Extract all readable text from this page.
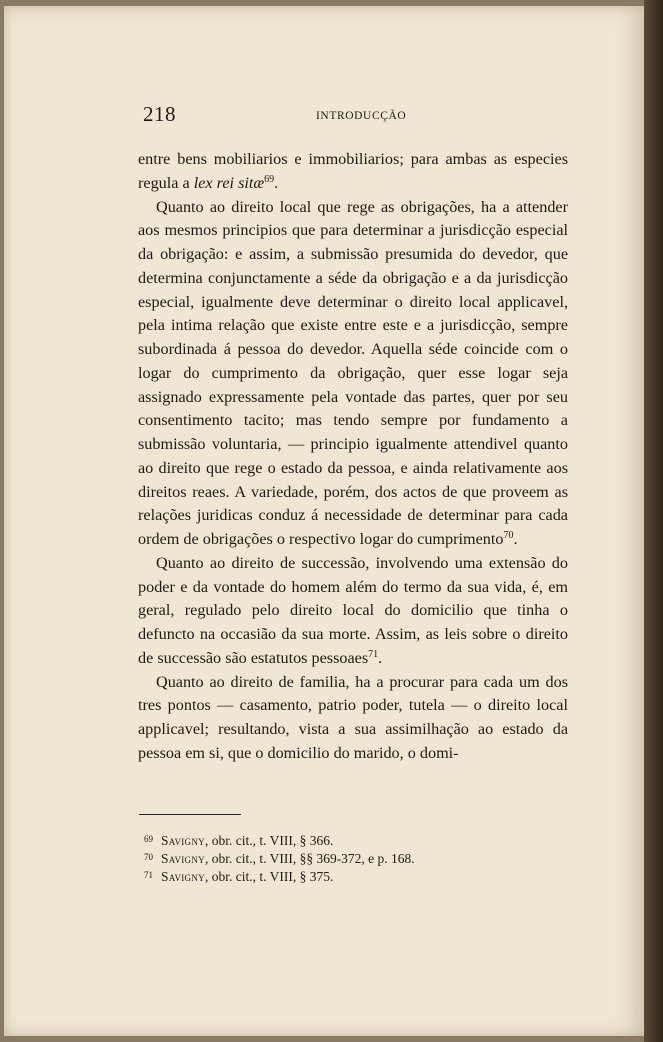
218	INTRODUCÇÃO

entre bens mobiliarios e immobiliarios; para ambas as especies regula a lex rei sitæ$^{69}$.

Quanto ao direito local que rege as obrigações, ha a attender aos mesmos principios que para determinar a jurisdicção especial da obrigação: e assim, a submissão presumida do devedor, que determina conjunctamente a séde da obrigação e a da jurisdicção especial, igualmente deve determinar o direito local applicavel, pela intima relação que existe entre este e a jurisdicção, sempre subordinada á pessoa do devedor. Aquella séde coincide com o logar do cumprimento da obrigação, quer esse logar seja assignado expressamente pela vontade das partes, quer por seu consentimento tacito; mas tendo sempre por fundamento a submissão voluntaria, — principio igualmente attendivel quanto ao direito que rege o estado da pessoa, e ainda relativamente aos direitos reaes. A variedade, porém, dos actos de que proveem as relações juridicas conduz á necessidade de determinar para cada ordem de obrigações o respectivo logar do cumprimento$^{70}$.

Quanto ao direito de successão, involvendo uma extensão do poder e da vontade do homem além do termo da sua vida, é, em geral, regulado pelo direito local do domicilio que tinha o defuncto na occasião da sua morte. Assim, as leis sobre o direito de successão são estatutos pessoaes$^{71}$.

Quanto ao direito de familia, ha a procurar para cada um dos tres pontos — casamento, patrio poder, tutela — o direito local applicavel; resultando, vista a sua assimilhação ao estado da pessoa em si, que o domicilio do marido, o domi-

69 Savigny, obr. cit., t. VIII, § 366.
70 Savigny, obr. cit., t. VIII, §§ 369-372, e p. 168.
71 Savigny, obr. cit., t. VIII, § 375.
